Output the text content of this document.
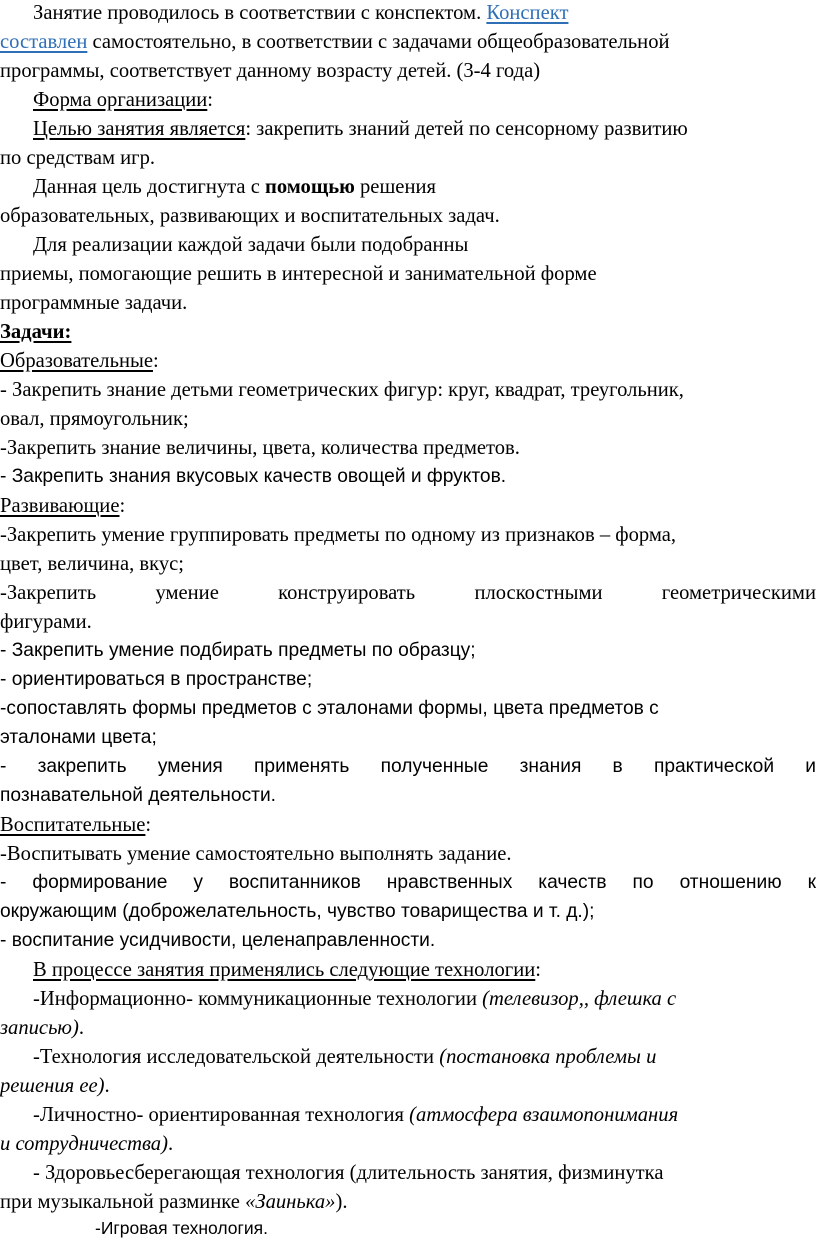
Занятие проводилось в соответствии с конспектом. Конспект
составлен самостоятельно, в соответствии с задачами общеобразовательной
программы, соответствует данному возрасту детей. (3-4 года)
Форма организации:
Целью занятия является: закрепить знаний детей по сенсорному развитию
по средствам игр.
Данная цель достигнута с помощью решения
образовательных, развивающих и воспитательных задач.
Для реализации каждой задачи были подобранны
приемы, помогающие решить в интересной и занимательной форме
программные задачи.
Задачи:
Образовательные:
- Закрепить знание детьми геометрических фигур: круг, квадрат, треугольник,
овал, прямоугольник;
-Закрепить знание величины, цвета, количества предметов.
- Закрепить знания вкусовых качеств овощей и фруктов.
Развивающие:
-Закрепить умение группировать предметы по одному из признаков – форма,
цвет, величина, вкус;
-Закрепить	умение	конструировать	плоскостными	геометрическими
фигурами.
- Закрепить умение подбирать предметы по образцу;
- ориентироваться в пространстве;
-сопоставлять формы предметов с эталонами формы, цвета предметов с
эталонами цвета;
- закрепить умения применять полученные знания в практической и
познавательной деятельности.
Воспитательные:
-Воспитывать умение самостоятельно выполнять задание.
- формирование у воспитанников нравственных качеств по отношению к
окружающим (доброжелательность, чувство товарищества и т. д.);
- воспитание усидчивости, целенаправленности.
В процессе занятия применялись следующие технологии:
-Информационно- коммуникационные технологии (телевизор,, флешка с
записью).
-Технология исследовательской деятельности (постановка проблемы и
решения ее).
-Личностно- ориентированная технология (атмосфера взаимопонимания
и сотрудничества).
- Здоровьесберегающая технология (длительность занятия, физминутка
при музыкальной разминке «Заинька»).
-Игровая технология.
